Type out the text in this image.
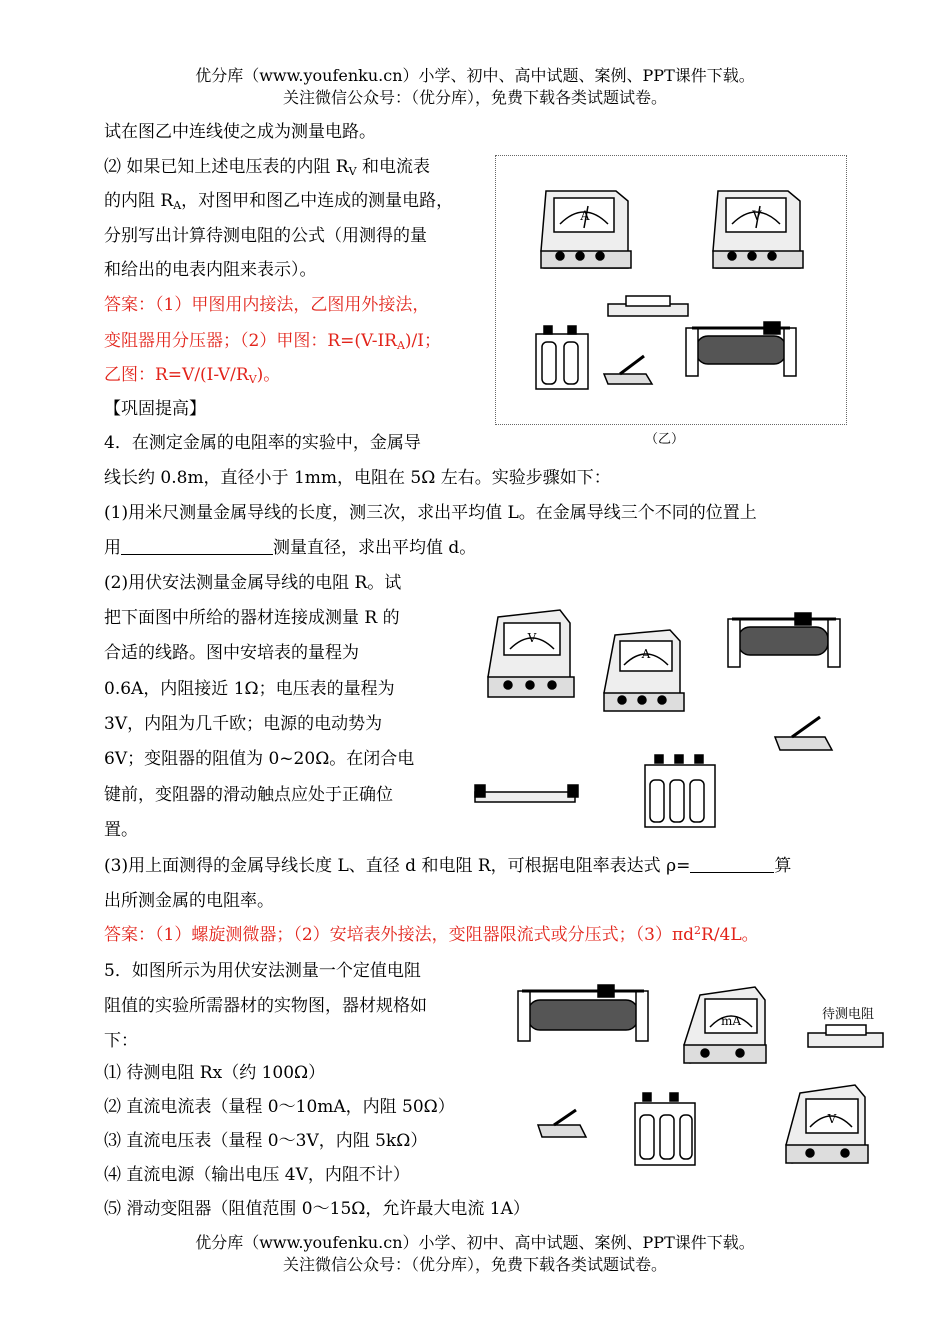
优分库（www.youfenku.cn）小学、初中、高中试题、案例、PPT课件下载。
关注微信公众号：（优分库），免费下载各类试题试卷。
试在图乙中连线使之成为测量电路。
⑵ 如果已知上述电压表的内阻 $R_V$ 和电流表
的内阻 $R_A$，对图甲和图乙中连成的测量电路，
分别写出计算待测电阻的公式（用测得的量
和给出的电表内阻来表示）。
答案：（1）甲图用内接法，乙图用外接法，
变阻器用分压器；（2）甲图：$R=(V-IR_A)/I$；
乙图：$R=V/(I-V/R_V)$。
【巩固提高】
A	V
（乙）
4．在测定金属的电阻率的实验中，金属导
线长约 0.8m，直径小于 1mm，电阻在 5Ω 左右。实验步骤如下：
(1)用米尺测量金属导线的长度，测三次，求出平均值 L。在金属导线三个不同的位置上
用	测量直径，求出平均值 d。
(2)用伏安法测量金属导线的电阻 R。试
把下面图中所给的器材连接成测量 R 的
合适的线路。图中安培表的量程为
0.6A，内阻接近 1Ω；电压表的量程为
3V，内阻为几千欧；电源的电动势为
6V；变阻器的阻值为 0~20Ω。在闭合电
键前，变阻器的滑动触点应处于正确位
置。
V
A
(3)用上面测得的金属导线长度 L、直径 d 和电阻 R，可根据电阻率表达式 ρ=	算
出所测金属的电阻率。
答案：（1）螺旋测微器；（2）安培表外接法，变阻器限流式或分压式；$(3)\pi d^2R/4L$。
5．如图所示为用伏安法测量一个定值电阻
阻值的实验所需器材的实物图，器材规格如
下：
⑴ 待测电阻 Rx（约 100Ω）
⑵ 直流电流表（量程 0～10mA，内阻 50Ω）
⑶ 直流电压表（量程 0～3V，内阻 5kΩ）
⑷ 直流电源（输出电压 4V，内阻不计）
⑸ 滑动变阻器（阻值范围 0～15Ω，允许最大电流 1A）
mA
V
待测电阻
优分库（www.youfenku.cn）小学、初中、高中试题、案例、PPT课件下载。
关注微信公众号：（优分库），免费下载各类试题试卷。
